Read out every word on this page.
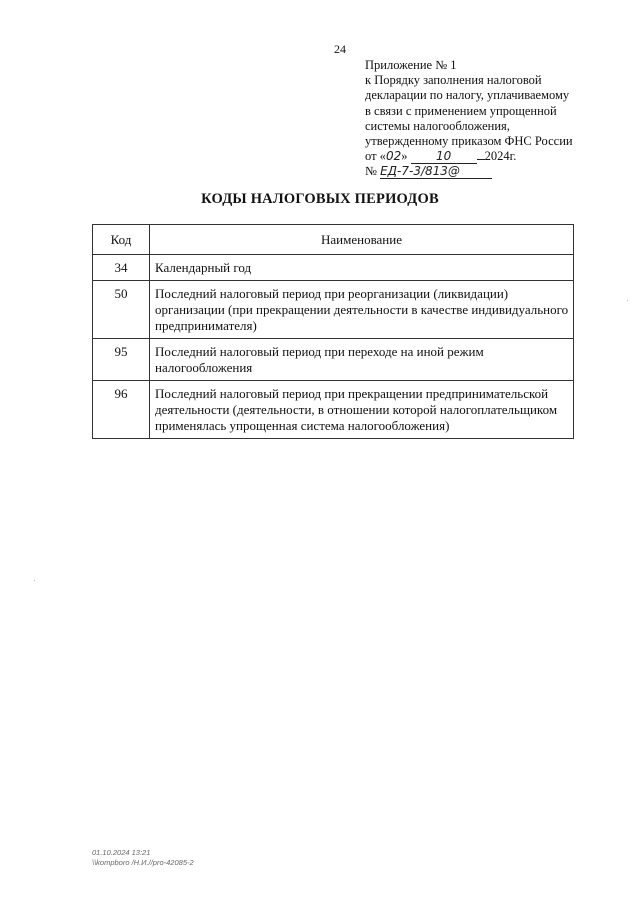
24
Приложение № 1
к Порядку заполнения налоговой
декларации по налогу, уплачиваемому
в связи с применением упрощенной
системы налогообложения,
утвержденному приказом ФНС России
от «02» 10	2024г.
№ ЕД-7-3/813@
КОДЫ НАЛОГОВЫХ ПЕРИОДОВ
Код	Наименование
34	Календарный год
50	Последний налоговый период при реорганизации (ликвидации) организации (при прекращении деятельности в качестве индивидуального предпринимателя)
95	Последний налоговый период при переходе на иной режим налогообложения
96	Последний налоговый период при прекращении предпринимательской деятельности (деятельности, в отношении которой налогоплательщиком применялась упрощенная система налогообложения)
01.10.2024 13:21
\\kompboro /Н.И.//pro-42085-2
